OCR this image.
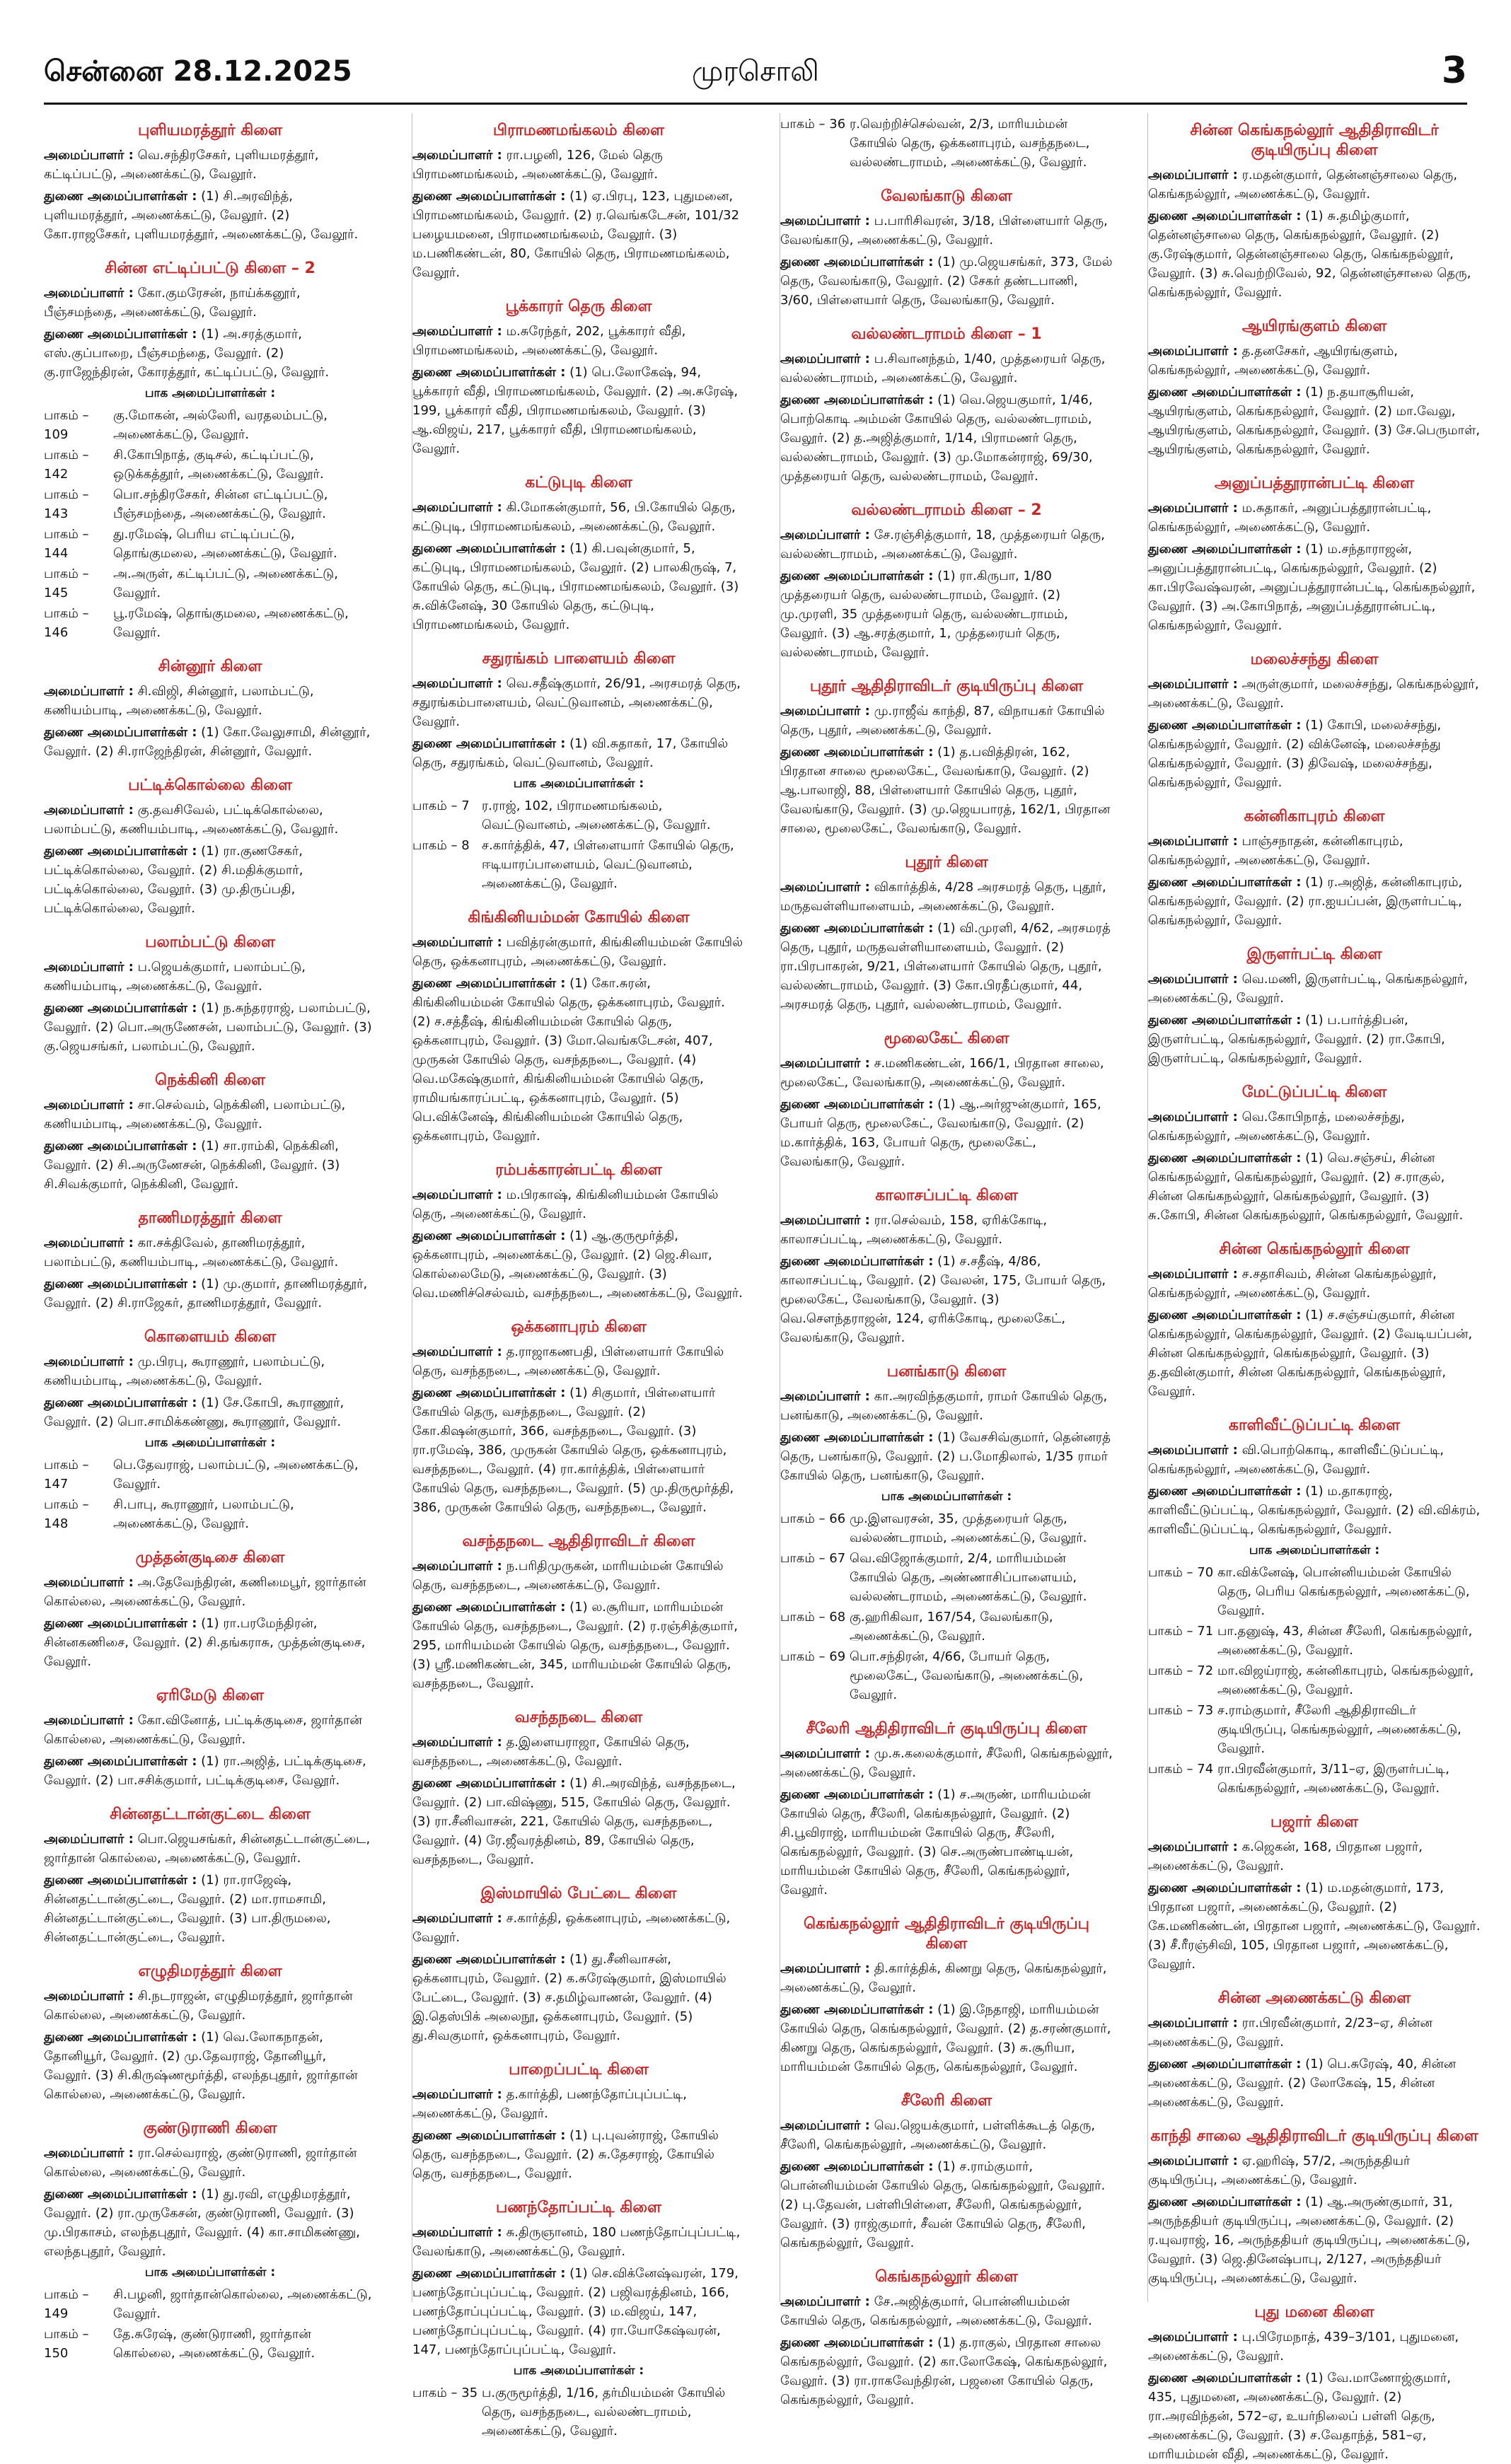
சென்னை 28.12.2025	முரசொலி	3
புளியமரத்தூர் கிளை
அமைப்பாளர் : வெ.சந்திரசேகர், புளியமரத்தூர், கட்டிப்பட்டு, அணைக்கட்டு, வேலூர்.
துணை அமைப்பாளர்கள் : (1) சி.அரவிந்த், புளியமரத்தூர், அணைக்கட்டு, வேலூர். (2) கோ.ராஜசேகர், புளியமரத்தூர், அணைக்கட்டு, வேலூர்.
சின்ன எட்டிப்பட்டு கிளை – 2
அமைப்பாளர் : கோ.குமரேசன், நாய்க்கனூர், பீஞ்சமந்தை, அணைக்கட்டு, வேலூர்.
துணை அமைப்பாளர்கள் : (1) அ.சரத்குமார், எஸ்.குப்பாறை, பீஞ்சமந்தை, வேலூர். (2) கு.ராஜேந்திரன், கோரத்தூர், கட்டிப்பட்டு, வேலூர்.
பாக அமைப்பாளர்கள் :
பாகம் – 109
கு.மோகன், அல்லேரி, வரதலம்பட்டு, அணைக்கட்டு, வேலூர்.
பாகம் – 142
சி.கோபிநாத், குடிசல், கட்டிப்பட்டு, ஒடுக்கத்தூர், அணைக்கட்டு, வேலூர்.
பாகம் – 143
பொ.சந்திரசேகர், சின்ன எட்டிப்பட்டு, பீஞ்சமந்தை, அணைக்கட்டு, வேலூர்.
பாகம் – 144
து.ரமேஷ், பெரிய எட்டிப்பட்டு, தொங்குமலை, அணைக்கட்டு, வேலூர்.
பாகம் – 145
அ.அருள், கட்டிப்பட்டு, அணைக்கட்டு, வேலூர்.
பாகம் – 146
பூ.ரமேஷ், தொங்குமலை, அணைக்கட்டு, வேலூர்.
சின்னூர் கிளை
அமைப்பாளர் : சி.விஜி, சின்னூர், பலாம்பட்டு, கணியம்பாடி, அணைக்கட்டு, வேலூர்.
துணை அமைப்பாளர்கள் : (1) கோ.வேலுசாமி, சின்னூர், வேலூர். (2) சி.ராஜேந்திரன், சின்னூர், வேலூர்.
பட்டிக்கொல்லை கிளை
அமைப்பாளர் : கு.தவசிவேல், பட்டிக்கொல்லை, பலாம்பட்டு, கணியம்பாடி, அணைக்கட்டு, வேலூர்.
துணை அமைப்பாளர்கள் : (1) ரா.குணசேகர், பட்டிக்கொல்லை, வேலூர். (2) சி.மதிக்குமார், பட்டிக்கொல்லை, வேலூர். (3) மு.திருப்பதி, பட்டிக்கொல்லை, வேலூர்.
பலாம்பட்டு கிளை
அமைப்பாளர் : ப.ஜெயக்குமார், பலாம்பட்டு, கணியம்பாடி, அணைக்கட்டு, வேலூர்.
துணை அமைப்பாளர்கள் : (1) ந.சுந்தரராஜ், பலாம்பட்டு, வேலூர். (2) பொ.அருணேசன், பலாம்பட்டு, வேலூர். (3) கு.ஜெயசங்கர், பலாம்பட்டு, வேலூர்.
நெக்கினி கிளை
அமைப்பாளர் : சா.செல்வம், நெக்கினி, பலாம்பட்டு, கணியம்பாடி, அணைக்கட்டு, வேலூர்.
துணை அமைப்பாளர்கள் : (1) சா.ராம்கி, நெக்கினி, வேலூர். (2) சி.அருணேசன், நெக்கினி, வேலூர். (3) சி.சிவக்குமார், நெக்கினி, வேலூர்.
தாணிமரத்தூர் கிளை
அமைப்பாளர் : கா.சக்திவேல், தாணிமரத்தூர், பலாம்பட்டு, கணியம்பாடி, அணைக்கட்டு, வேலூர்.
துணை அமைப்பாளர்கள் : (1) மு.குமார், தாணிமரத்தூர், வேலூர். (2) சி.ராஜேகர், தாணிமரத்தூர், வேலூர்.
கொளையம் கிளை
அமைப்பாளர் : மு.பிரபு, கூராணூர், பலாம்பட்டு, கணியம்பாடி, அணைக்கட்டு, வேலூர்.
துணை அமைப்பாளர்கள் : (1) சே.கோபி, கூராணூர், வேலூர். (2) பொ.சாமிக்கண்ணு, கூராணூர், வேலூர்.
பாக அமைப்பாளர்கள் :
பாகம் – 147
பெ.தேவராஜ், பலாம்பட்டு, அணைக்கட்டு, வேலூர்.
பாகம் – 148
சி.பாபு, கூராணூர், பலாம்பட்டு, அணைக்கட்டு, வேலூர்.
முத்தன்குடிசை கிளை
அமைப்பாளர் : அ.தேவேந்திரன், கணிமைபூர், ஜார்தான் கொல்லை, அணைக்கட்டு, வேலூர்.
துணை அமைப்பாளர்கள் : (1) ரா.பரமேந்திரன், சின்னகணிசை, வேலூர். (2) சி.தங்கராசு, முத்தன்குடிசை, வேலூர்.
ஏரிமேடு கிளை
அமைப்பாளர் : கோ.வினோத், பட்டிக்குடிசை, ஜார்தான் கொல்லை, அணைக்கட்டு, வேலூர்.
துணை அமைப்பாளர்கள் : (1) ரா.அஜித், பட்டிக்குடிசை, வேலூர். (2) பா.சசிக்குமார், பட்டிக்குடிசை, வேலூர்.
சின்னதட்டான்குட்டை கிளை
அமைப்பாளர் : பொ.ஜெயசங்கர், சின்னதட்டான்குட்டை, ஜார்தான் கொல்லை, அணைக்கட்டு, வேலூர்.
துணை அமைப்பாளர்கள் : (1) ரா.ராஜேஷ், சின்னதட்டான்குட்டை, வேலூர். (2) மா.ராமசாமி, சின்னதட்டான்குட்டை, வேலூர். (3) பா.திருமலை, சின்னதட்டான்குட்டை, வேலூர்.
எழுதிமரத்தூர் கிளை
அமைப்பாளர் : சி.நடராஜன், எழுதிமரத்தூர், ஜார்தான் கொல்லை, அணைக்கட்டு, வேலூர்.
துணை அமைப்பாளர்கள் : (1) வெ.லோகநாதன், தோனியூர், வேலூர். (2) மு.தேவராஜ், தோனியூர், வேலூர். (3) சி.கிருஷ்ணமூர்த்தி, எலந்தபுதூர், ஜார்தான் கொல்லை, அணைக்கட்டு, வேலூர்.
குண்டுராணி கிளை
அமைப்பாளர் : ரா.செல்வராஜ், குண்டுராணி, ஜார்தான் கொல்லை, அணைக்கட்டு, வேலூர்.
துணை அமைப்பாளர்கள் : (1) து.ரவி, எழுதிமரத்தூர், வேலூர். (2) ரா.முருகேசன், குண்டுராணி, வேலூர். (3) மு.பிரகாசம், எலந்தபுதூர், வேலூர். (4) கா.சாமிகண்ணு, எலந்தபுதூர், வேலூர்.
பாக அமைப்பாளர்கள் :
பாகம் – 149
சி.பழனி, ஜார்தான்கொல்லை, அணைக்கட்டு, வேலூர்.
பாகம் – 150
தே.சுரேஷ், குண்டுராணி, ஜார்தான் கொல்லை, அணைக்கட்டு, வேலூர்.
பிராமணமங்கலம் கிளை
அமைப்பாளர் : ரா.பழனி, 126, மேல் தெரு பிராமணமங்கலம், அணைக்கட்டு, வேலூர்.
துணை அமைப்பாளர்கள் : (1) ஏ.பிரபு, 123, புதுமனை, பிராமணமங்கலம், வேலூர். (2) ர.வெங்கடேசன், 101/32 பழையமனை, பிராமணமங்கலம், வேலூர். (3) ம.பணிகண்டன், 80, கோயில் தெரு, பிராமணமங்கலம், வேலூர்.
பூக்காரர் தெரு கிளை
அமைப்பாளர் : ம.சுரேந்தர், 202, பூக்காரர் வீதி, பிராமணமங்கலம், அணைக்கட்டு, வேலூர்.
துணை அமைப்பாளர்கள் : (1) பெ.லோகேஷ், 94, பூக்காரர் வீதி, பிராமணமங்கலம், வேலூர். (2) அ.சுரேஷ், 199, பூக்காரர் வீதி, பிராமணமங்கலம், வேலூர். (3) ஆ.விஜய், 217, பூக்காரர் வீதி, பிராமணமங்கலம், வேலூர்.
கட்டுபுடி கிளை
அமைப்பாளர் : கி.மோகன்குமார், 56, பி.கோயில் தெரு, கட்டுபுடி, பிராமணமங்கலம், அணைக்கட்டு, வேலூர்.
துணை அமைப்பாளர்கள் : (1) கி.பவுன்குமார், 5, கட்டுபுடி, பிராமணமங்கலம், வேலூர். (2) பாலகிருஷ், 7, கோயில் தெரு, கட்டுபுடி, பிராமணமங்கலம், வேலூர். (3) சு.விக்னேஷ், 30 கோயில் தெரு, கட்டுபுடி, பிராமணமங்கலம், வேலூர்.
சதுரங்கம் பாளையம் கிளை
அமைப்பாளர் : வெ.சதீஷ்குமார், 26/91, அரசமரத் தெரு, சதுரங்கம்பாளையம், வெட்டுவானம், அணைக்கட்டு, வேலூர்.
துணை அமைப்பாளர்கள் : (1) வி.சுதாகர், 17, கோயில் தெரு, சதுரங்கம், வெட்டுவானம், வேலூர்.
பாக அமைப்பாளர்கள் :
பாகம் – 7 ர.ராஜ், 102, பிராமணமங்கலம், வெட்டுவானம், அணைக்கட்டு, வேலூர்.
பாகம் – 8 ச.கார்த்திக், 47, பிள்ளையார் கோயில் தெரு, ஈடியாரப்பாளையம், வெட்டுவானம், அணைக்கட்டு, வேலூர்.
கிங்கினியம்மன் கோயில் கிளை
அமைப்பாளர் : பவித்ரன்குமார், கிங்கினியம்மன் கோயில் தெரு, ஒக்கனாபுரம், அணைக்கட்டு, வேலூர்.
துணை அமைப்பாளர்கள் : (1) கோ.சுரன், கிங்கினியம்மன் கோயில் தெரு, ஒக்கனாபுரம், வேலூர். (2) ச.சத்தீஷ், கிங்கினியம்மன் கோயில் தெரு, ஒக்கனாபுரம், வேலூர். (3) மோ.வெங்கடேசன், 407, முருகன் கோயில் தெரு, வசந்தநடை, வேலூர். (4) வெ.மகேஷ்குமார், கிங்கினியம்மன் கோயில் தெரு, ராமியங்காரப்பட்டி, ஒக்கனாபுரம், வேலூர். (5) பெ.விக்னேஷ், கிங்கினியம்மன் கோயில் தெரு, ஒக்கனாபுரம், வேலூர்.
ரம்பக்காரன்பட்டி கிளை
அமைப்பாளர் : ம.பிரகாஷ், கிங்கினியம்மன் கோயில் தெரு, அணைக்கட்டு, வேலூர்.
துணை அமைப்பாளர்கள் : (1) ஆ.குருமூர்த்தி, ஒக்கனாபுரம், அணைக்கட்டு, வேலூர். (2) ஜெ.சிவா, கொல்லைமேடு, அணைக்கட்டு, வேலூர். (3) வெ.மணிச்செல்வம், வசந்தநடை, அணைக்கட்டு, வேலூர்.
ஒக்கனாபுரம் கிளை
அமைப்பாளர் : த.ராஜாகணபதி, பிள்ளையார் கோயில் தெரு, வசந்தநடை, அணைக்கட்டு, வேலூர்.
துணை அமைப்பாளர்கள் : (1) சிகுமார், பிள்ளையார் கோயில் தெரு, வசந்தநடை, வேலூர். (2) கோ.கிஷன்குமார், 366, வசந்தநடை, வேலூர். (3) ரா.ரமேஷ், 386, முருகன் கோயில் தெரு, ஒக்கனாபுரம், வசந்தநடை, வேலூர். (4) ரா.கார்த்திக், பிள்ளையார் கோயில் தெரு, வசந்தநடை, வேலூர். (5) மு.திருமூர்த்தி, 386, முருகன் கோயில் தெரு, வசந்தநடை, வேலூர்.
வசந்தநடை ஆதிதிராவிடர் கிளை
அமைப்பாளர் : ந.பரிதிமுருகன், மாரியம்மன் கோயில் தெரு, வசந்தநடை, அணைக்கட்டு, வேலூர்.
துணை அமைப்பாளர்கள் : (1) ல.சூரியா, மாரியம்மன் கோயில் தெரு, வசந்தநடை, வேலூர். (2) ர.ரஞ்சித்குமார், 295, மாரியம்மன் கோயில் தெரு, வசந்தநடை, வேலூர். (3) ஸ்ரீ.மணிகண்டன், 345, மாரியம்மன் கோயில் தெரு, வசந்தநடை, வேலூர்.
வசந்தநடை கிளை
அமைப்பாளர் : த.இளையராஜா, கோயில் தெரு, வசந்தநடை, அணைக்கட்டு, வேலூர்.
துணை அமைப்பாளர்கள் : (1) சி.அரவிந்த், வசந்தநடை, வேலூர். (2) பா.விஷ்ணு, 515, கோயில் தெரு, வேலூர். (3) ரா.சீனிவாசன், 221, கோயில் தெரு, வசந்தநடை, வேலூர். (4) ரே.ஜீவரத்தினம், 89, கோயில் தெரு, வசந்தநடை, வேலூர்.
இஸ்மாயில் பேட்டை கிளை
அமைப்பாளர் : ச.கார்த்தி, ஒக்கனாபுரம், அணைக்கட்டு, வேலூர்.
துணை அமைப்பாளர்கள் : (1) து.சீனிவாசன், ஒக்கனாபுரம், வேலூர். (2) க.சுரேஷ்குமார், இஸ்மாயில் பேட்டை, வேலூர். (3) ச.தமிழ்வாணன், வேலூர். (4) இ.தெஸ்பிக் அலைநூ, ஒக்கனாபுரம், வேலூர். (5) து.சிவகுமார், ஒக்கனாபுரம், வேலூர்.
பாறைப்பட்டி கிளை
அமைப்பாளர் : த.கார்த்தி, பணந்தோப்புப்பட்டி, அணைக்கட்டு, வேலூர்.
துணை அமைப்பாளர்கள் : (1) பு.புவன்ராஜ், கோயில் தெரு, வசந்தநடை, வேலூர். (2) சு.தேசராஜ், கோயில் தெரு, வசந்தநடை, வேலூர்.
பணந்தோப்பட்டி கிளை
அமைப்பாளர் : சு.திருஞானம், 180 பணந்தோப்புப்பட்டி, வேலங்காடு, அணைக்கட்டு, வேலூர்.
துணை அமைப்பாளர்கள் : (1) செ.விக்னேஷ்வரன், 179, பணந்தோப்புப்பட்டி, வேலூர். (2) பஜிவரத்தினம், 166, பணந்தோப்புப்பட்டி, வேலூர். (3) ம.விஜய், 147, பணந்தோப்புப்பட்டி, வேலூர். (4) ரா.யோகேஷ்வரன், 147, பணந்தோப்புப்பட்டி, வேலூர்.
பாக அமைப்பாளர்கள் :
பாகம் – 35 ப.குருமூர்த்தி, 1/16, தர்மியம்மன் கோயில் தெரு, வசந்தநடை, வல்லண்டராமம், அணைக்கட்டு, வேலூர்.
பாகம் – 36 ர.வெற்றிச்செல்வன், 2/3, மாரியம்மன் கோயில் தெரு, ஒக்கனாபுரம், வசந்தநடை, வல்லண்டராமம், அணைக்கட்டு, வேலூர்.
வேலங்காடு கிளை
அமைப்பாளர் : ப.பாரிசிவரன், 3/18, பிள்ளையார் தெரு, வேலங்காடு, அணைக்கட்டு, வேலூர்.
துணை அமைப்பாளர்கள் : (1) மு.ஜெயசங்கர், 373, மேல் தெரு, வேலங்காடு, வேலூர். (2) சேகர் தண்டபாணி, 3/60, பிள்ளையார் தெரு, வேலங்காடு, வேலூர்.
வல்லண்டராமம் கிளை – 1
அமைப்பாளர் : ப.சிவானந்தம், 1/40, முத்தரையர் தெரு, வல்லண்டராமம், அணைக்கட்டு, வேலூர்.
துணை அமைப்பாளர்கள் : (1) வெ.ஜெயகுமார், 1/46, பொற்கொடி அம்மன் கோயில் தெரு, வல்லண்டராமம், வேலூர். (2) த.அஜித்குமார், 1/14, பிராமணர் தெரு, வல்லண்டராமம், வேலூர். (3) மு.மோகன்ராஜ், 69/30, முத்தரையர் தெரு, வல்லண்டராமம், வேலூர்.
வல்லண்டராமம் கிளை – 2
அமைப்பாளர் : சே.ரஞ்சித்குமார், 18, முத்தரையர் தெரு, வல்லண்டராமம், அணைக்கட்டு, வேலூர்.
துணை அமைப்பாளர்கள் : (1) ரா.கிருபா, 1/80 முத்தரையர் தெரு, வல்லண்டராமம், வேலூர். (2) மு.முரளி, 35 முத்தரையர் தெரு, வல்லண்டராமம், வேலூர். (3) ஆ.சரத்குமார், 1, முத்தரையர் தெரு, வல்லண்டராமம், வேலூர்.
புதூர் ஆதிதிராவிடர் குடியிருப்பு கிளை
அமைப்பாளர் : மு.ராஜீவ் காந்தி, 87, விநாயகர் கோயில் தெரு, புதூர், அணைக்கட்டு, வேலூர்.
துணை அமைப்பாளர்கள் : (1) த.பவித்திரன், 162, பிரதான சாலை மூலைகேட், வேலங்காடு, வேலூர். (2) ஆ.பாலாஜி, 88, பிள்ளையார் கோயில் தெரு, புதூர், வேலங்காடு, வேலூர். (3) மு.ஜெயபாரத், 162/1, பிரதான சாலை, மூலைகேட், வேலங்காடு, வேலூர்.
புதூர் கிளை
அமைப்பாளர் : விகார்த்திக், 4/28 அரசமரத் தெரு, புதூர், மருதவள்ளியாளையம், அணைக்கட்டு, வேலூர்.
துணை அமைப்பாளர்கள் : (1) வி.முரளி, 4/62, அரசமரத் தெரு, புதூர், மருதவள்ளியாளையம், வேலூர். (2) ரா.பிரபாகரன், 9/21, பிள்ளையார் கோயில் தெரு, புதூர், வல்லண்டராமம், வேலூர். (3) கோ.பிரதீப்குமார், 44, அரசமரத் தெரு, புதூர், வல்லண்டராமம், வேலூர்.
மூலைகேட் கிளை
அமைப்பாளர் : ச.மணிகண்டன், 166/1, பிரதான சாலை, மூலைகேட், வேலங்காடு, அணைக்கட்டு, வேலூர்.
துணை அமைப்பாளர்கள் : (1) ஆ.அர்ஜுன்குமார், 165, போயர் தெரு, மூலைகேட், வேலங்காடு, வேலூர். (2) ம.கார்த்திக், 163, போயர் தெரு, மூலைகேட், வேலங்காடு, வேலூர்.
காலாசப்பட்டி கிளை
அமைப்பாளர் : ரா.செல்வம், 158, ஏரிக்கோடி, காலாசப்பட்டி, அணைக்கட்டு, வேலூர்.
துணை அமைப்பாளர்கள் : (1) ச.சதீஷ், 4/86, காலாசப்பட்டி, வேலூர். (2) வேலன், 175, போயர் தெரு, மூலைகேட், வேலங்காடு, வேலூர். (3) வெ.சௌந்தராஜன், 124, ஏரிக்கோடி, மூலைகேட், வேலங்காடு, வேலூர்.
பனங்காடு கிளை
அமைப்பாளர் : கா.அரவிந்தகுமார், ராமர் கோயில் தெரு, பனங்காடு, அணைக்கட்டு, வேலூர்.
துணை அமைப்பாளர்கள் : (1) வேசசிவ்குமார், தென்னரத் தெரு, பனங்காடு, வேலூர். (2) ப.மோதிலால், 1/35 ராமர் கோயில் தெரு, பனங்காடு, வேலூர்.
பாக அமைப்பாளர்கள் :
பாகம் – 66 மு.இளவரசன், 35, முத்தரையர் தெரு, வல்லண்டராமம், அணைக்கட்டு, வேலூர்.
பாகம் – 67 வெ.விஜோக்குமார், 2/4, மாரியம்மன் கோயில் தெரு, அண்ணாசிப்பாளையம், வல்லண்டராமம், அணைக்கட்டு, வேலூர்.
பாகம் – 68 கு.ஹரிகிவா, 167/54, வேலங்காடு, அணைக்கட்டு, வேலூர்.
பாகம் – 69 பொ.சந்திரன், 4/66, போயர் தெரு, மூலைகேட், வேலங்காடு, அணைக்கட்டு, வேலூர்.
சீலேரி ஆதிதிராவிடர் குடியிருப்பு கிளை
அமைப்பாளர் : மு.சு.கலைக்குமார், சீலேரி, கெங்கநல்லூர், அணைக்கட்டு, வேலூர்.
துணை அமைப்பாளர்கள் : (1) ச.அருண், மாரியம்மன் கோயில் தெரு, சீலேரி, கெங்கநல்லூர், வேலூர். (2) சி.பூவிராஜ், மாரியம்மன் கோயில் தெரு, சீலேரி, கெங்கநல்லூர், வேலூர். (3) செ.அருண்பாண்டியன், மாரியம்மன் கோயில் தெரு, சீலேரி, கெங்கநல்லூர், வேலூர்.
கெங்கநல்லூர் ஆதிதிராவிடர் குடியிருப்பு கிளை
அமைப்பாளர் : தி.கார்த்திக், கிணறு தெரு, கெங்கநல்லூர், அணைக்கட்டு, வேலூர்.
துணை அமைப்பாளர்கள் : (1) இ.நேதாஜி, மாரியம்மன் கோயில் தெரு, கெங்கநல்லூர், வேலூர். (2) த.சரண்குமார், கிணறு தெரு, கெங்கநல்லூர், வேலூர். (3) சு.சூரியா, மாரியம்மன் கோயில் தெரு, கெங்கநல்லூர், வேலூர்.
சீலேரி கிளை
அமைப்பாளர் : வெ.ஜெயக்குமார், பள்ளிக்கூடத் தெரு, சீலேரி, கெங்கநல்லூர், அணைக்கட்டு, வேலூர்.
துணை அமைப்பாளர்கள் : (1) ச.ராம்குமார், பொன்னியம்மன் கோயில் தெரு, கெங்கநல்லூர், வேலூர். (2) பு.தேவன், பள்ளிபிள்ளை, சீலேரி, கெங்கநல்லூர், வேலூர். (3) ராஜ்குமார், சீவன் கோயில் தெரு, சீலேரி, கெங்கநல்லூர், வேலூர்.
கெங்கநல்லூர் கிளை
அமைப்பாளர் : சே.அஜித்குமார், பொன்னியம்மன் கோயில் தெரு, கெங்கநல்லூர், அணைக்கட்டு, வேலூர்.
துணை அமைப்பாளர்கள் : (1) த.ராகுல், பிரதான சாலை கெங்கநல்லூர், வேலூர். (2) கா.லோகேஷ், கெங்கநல்லூர், வேலூர். (3) ரா.ராகவேந்திரன், பஜனை கோயில் தெரு, கெங்கநல்லூர், வேலூர்.
சின்ன கெங்கநல்லூர் ஆதிதிராவிடர் குடியிருப்பு கிளை
அமைப்பாளர் : ர.மதன்குமார், தென்னஞ்சாலை தெரு, கெங்கநல்லூர், அணைக்கட்டு, வேலூர்.
துணை அமைப்பாளர்கள் : (1) சு.தமிழ்குமார், தென்னஞ்சாலை தெரு, கெங்கநல்லூர், வேலூர். (2) கு.ரேஷ்குமார், தென்னஞ்சாலை தெரு, கெங்கநல்லூர், வேலூர். (3) சு.வெற்றிவேல், 92, தென்னஞ்சாலை தெரு, கெங்கநல்லூர், வேலூர்.
ஆயிரங்குளம் கிளை
அமைப்பாளர் : த.தனசேகர், ஆயிரங்குளம், கெங்கநல்லூர், அணைக்கட்டு, வேலூர்.
துணை அமைப்பாளர்கள் : (1) ந.தயாசூரியன், ஆயிரங்குளம், கெங்கநல்லூர், வேலூர். (2) மா.வேலு, ஆயிரங்குளம், கெங்கநல்லூர், வேலூர். (3) சே.பெருமாள், ஆயிரங்குளம், கெங்கநல்லூர், வேலூர்.
அனுப்பத்தூரான்பட்டி கிளை
அமைப்பாளர் : ம.சுதாகர், அனுப்பத்தூரான்பட்டி, கெங்கநல்லூர், அணைக்கட்டு, வேலூர்.
துணை அமைப்பாளர்கள் : (1) ம.சந்தாராஜன், அனுப்பத்தூரான்பட்டி, கெங்கநல்லூர், வேலூர். (2) கா.பிரவேஷ்வரன், அனுப்பத்தூரான்பட்டி, கெங்கநல்லூர், வேலூர். (3) அ.கோபிநாத், அனுப்பத்தூரான்பட்டி, கெங்கநல்லூர், வேலூர்.
மலைச்சந்து கிளை
அமைப்பாளர் : அருள்குமார், மலைச்சந்து, கெங்கநல்லூர், அணைக்கட்டு, வேலூர்.
துணை அமைப்பாளர்கள் : (1) கோபி, மலைச்சந்து, கெங்கநல்லூர், வேலூர். (2) விக்னேஷ், மலைச்சந்து கெங்கநல்லூர், வேலூர். (3) திவேஷ், மலைச்சந்து, கெங்கநல்லூர், வேலூர்.
கன்னிகாபுரம் கிளை
அமைப்பாளர் : பாஞ்சநாதன், கன்னிகாபுரம், கெங்கநல்லூர், அணைக்கட்டு, வேலூர்.
துணை அமைப்பாளர்கள் : (1) ர.அஜித், கன்னிகாபுரம், கெங்கநல்லூர், வேலூர். (2) ரா.ஐயப்பன், இருளர்பட்டி, கெங்கநல்லூர், வேலூர்.
இருளர்பட்டி கிளை
அமைப்பாளர் : வெ.மணி, இருளர்பட்டி, கெங்கநல்லூர், அணைக்கட்டு, வேலூர்.
துணை அமைப்பாளர்கள் : (1) ப.பார்த்திபன், இருளர்பட்டி, கெங்கநல்லூர், வேலூர். (2) ரா.கோபி, இருளர்பட்டி, கெங்கநல்லூர், வேலூர்.
மேட்டுப்பட்டி கிளை
அமைப்பாளர் : வெ.கோபிநாத், மலைச்சந்து, கெங்கநல்லூர், அணைக்கட்டு, வேலூர்.
துணை அமைப்பாளர்கள் : (1) வெ.சஞ்சய், சின்ன கெங்கநல்லூர், கெங்கநல்லூர், வேலூர். (2) ச.ராகுல், சின்ன கெங்கநல்லூர், கெங்கநல்லூர், வேலூர். (3) சு.கோபி, சின்ன கெங்கநல்லூர், கெங்கநல்லூர், வேலூர்.
சின்ன கெங்கநல்லூர் கிளை
அமைப்பாளர் : ச.சதாசிவம், சின்ன கெங்கநல்லூர், கெங்கநல்லூர், அணைக்கட்டு, வேலூர்.
துணை அமைப்பாளர்கள் : (1) ச.சஞ்சய்குமார், சின்ன கெங்கநல்லூர், கெங்கநல்லூர், வேலூர். (2) வேடியப்பன், சின்ன கெங்கநல்லூர், கெங்கநல்லூர், வேலூர். (3) த.தவின்குமார், சின்ன கெங்கநல்லூர், கெங்கநல்லூர், வேலூர்.
காளிவீட்டுப்பட்டி கிளை
அமைப்பாளர் : வி.பொற்கொடி, காளிவீட்டுப்பட்டி, கெங்கநல்லூர், அணைக்கட்டு, வேலூர்.
துணை அமைப்பாளர்கள் : (1) ம.தாகராஜ், காளிவீட்டுப்பட்டி, கெங்கநல்லூர், வேலூர். (2) வி.விக்ரம், காளிவீட்டுப்பட்டி, கெங்கநல்லூர், வேலூர்.
பாக அமைப்பாளர்கள் :
பாகம் – 70 கா.விக்னேஷ், பொன்னியம்மன் கோயில் தெரு, பெரிய கெங்கநல்லூர், அணைக்கட்டு, வேலூர்.
பாகம் – 71 பா.தனுஷ், 43, சின்ன சீலேரி, கெங்கநல்லூர், அணைக்கட்டு, வேலூர்.
பாகம் – 72 மா.விஜய்ராஜ், கன்னிகாபுரம், கெங்கநல்லூர், அணைக்கட்டு, வேலூர்.
பாகம் – 73 ச.ராம்குமார், சீலேரி ஆதிதிராவிடர் குடியிருப்பு, கெங்கநல்லூர், அணைக்கட்டு, வேலூர்.
பாகம் – 74 ரா.பிரவீன்குமார், 3/11–ஏ, இருளர்பட்டி, கெங்கநல்லூர், அணைக்கட்டு, வேலூர்.
பஜார் கிளை
அமைப்பாளர் : க.ஜெகன், 168, பிரதான பஜார், அணைக்கட்டு, வேலூர்.
துணை அமைப்பாளர்கள் : (1) ம.மதன்குமார், 173, பிரதான பஜார், அணைக்கட்டு, வேலூர். (2) கே.மணிகண்டன், பிரதான பஜார், அணைக்கட்டு, வேலூர். (3) சீ.ரீரஞ்சிவி, 105, பிரதான பஜார், அணைக்கட்டு, வேலூர்.
சின்ன அணைக்கட்டு கிளை
அமைப்பாளர் : ரா.பிரவீன்குமார், 2/23–ஏ, சின்ன அணைக்கட்டு, வேலூர்.
துணை அமைப்பாளர்கள் : (1) பெ.சுரேஷ், 40, சின்ன அணைக்கட்டு, வேலூர். (2) லோகேஷ், 15, சின்ன அணைக்கட்டு, வேலூர்.
காந்தி சாலை ஆதிதிராவிடர் குடியிருப்பு கிளை
அமைப்பாளர் : ஏ.ஹரிஷ், 57/2, அருந்ததியர் குடியிருப்பு, அணைக்கட்டு, வேலூர்.
துணை அமைப்பாளர்கள் : (1) ஆ.அருண்குமார், 31, அருந்ததியர் குடியிருப்பு, அணைக்கட்டு, வேலூர். (2) ர.யுவராஜ், 16, அருந்ததியர் குடியிருப்பு, அணைக்கட்டு, வேலூர். (3) ஜெ.தினேஷ்பாபு, 2/127, அருந்ததியர் குடியிருப்பு, அணைக்கட்டு, வேலூர்.
புது மனை கிளை
அமைப்பாளர் : பு.பிரேமநாத், 439–3/101, புதுமனை, அணைக்கட்டு, வேலூர்.
துணை அமைப்பாளர்கள் : (1) வே.மாணோஜ்குமார், 435, புதுமனை, அணைக்கட்டு, வேலூர். (2) ரா.அரவிந்தன், 572–ஏ, உயர்நிலைப் பள்ளி தெரு, அணைக்கட்டு, வேலூர். (3) ச.வேதாந்த், 581–ஏ, மாரியம்மன் வீதி, அணைக்கட்டு, வேலூர்.
